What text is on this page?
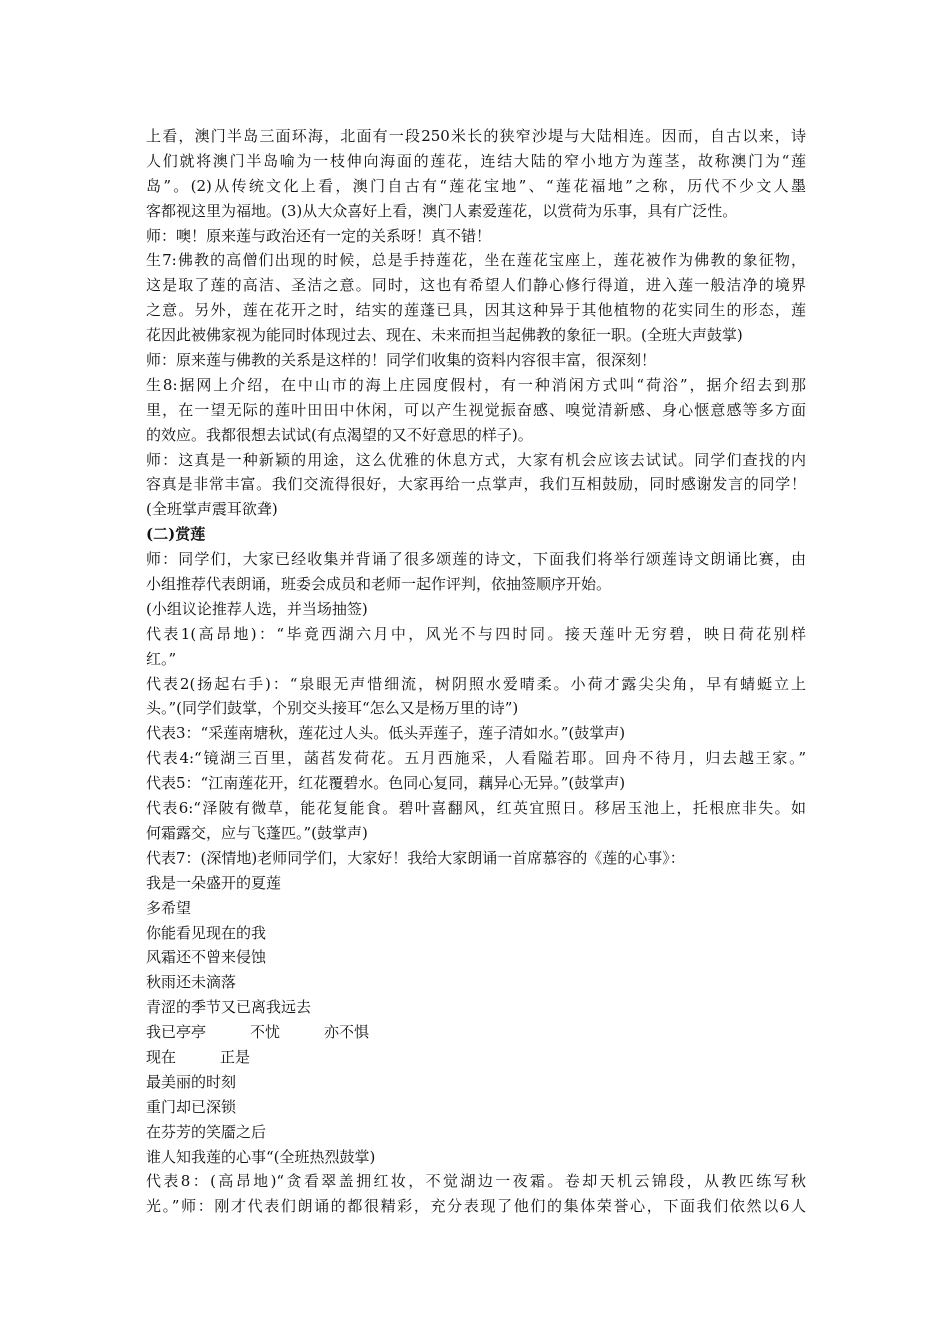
上看，澳门半岛三面环海，北面有一段250米长的狭窄沙堤与大陆相连。因而，自古以来，诗
人们就将澳门半岛喻为一枝伸向海面的莲花，连结大陆的窄小地方为莲茎，故称澳门为“莲
岛”。(2)从传统文化上看，澳门自古有“莲花宝地”、“莲花福地”之称，历代不少文人墨
客都视这里为福地。(3)从大众喜好上看，澳门人素爱莲花，以赏荷为乐事，具有广泛性。
师：噢！原来莲与政治还有一定的关系呀！真不错！
生7:佛教的高僧们出现的时候，总是手持莲花，坐在莲花宝座上，莲花被作为佛教的象征物，
这是取了莲的高洁、圣洁之意。同时，这也有希望人们静心修行得道，进入莲一般洁净的境界
之意。另外，莲在花开之时，结实的莲蓬已具，因其这种异于其他植物的花实同生的形态，莲
花因此被佛家视为能同时体现过去、现在、未来而担当起佛教的象征一职。(全班大声鼓掌)
师：原来莲与佛教的关系是这样的！同学们收集的资料内容很丰富，很深刻！
生8:据网上介绍，在中山市的海上庄园度假村，有一种消闲方式叫“荷浴”，据介绍去到那
里，在一望无际的莲叶田田中休闲，可以产生视觉振奋感、嗅觉清新感、身心惬意感等多方面
的效应。我都很想去试试(有点渴望的又不好意思的样子)。
师：这真是一种新颖的用途，这么优雅的休息方式，大家有机会应该去试试。同学们查找的内
容真是非常丰富。我们交流得很好，大家再给一点掌声，我们互相鼓励，同时感谢发言的同学！
(全班掌声震耳欲聋)
(二)赏莲
师：同学们，大家已经收集并背诵了很多颂莲的诗文，下面我们将举行颂莲诗文朗诵比赛，由
小组推荐代表朗诵，班委会成员和老师一起作评判，依抽签顺序开始。
(小组议论推荐人选，并当场抽签)
代表1(高昂地)：“毕竟西湖六月中，风光不与四时同。接天莲叶无穷碧，映日荷花别样
红。”
代表2(扬起右手)：“泉眼无声惜细流，树阴照水爱晴柔。小荷才露尖尖角，早有蜻蜓立上
头。”(同学们鼓掌，个别交头接耳“怎么又是杨万里的诗”)
代表3：“采莲南塘秋，莲花过人头。低头弄莲子，莲子清如水。”(鼓掌声)
代表4:“镜湖三百里，菡萏发荷花。五月西施采，人看隘若耶。回舟不待月，归去越王家。”
代表5：“江南莲花开，红花覆碧水。色同心复同，藕异心无异。”(鼓掌声)
代表6:“泽陂有微草，能花复能食。碧叶喜翻风，红英宜照日。移居玉池上，托根庶非失。如
何霜露交，应与飞蓬匹。”(鼓掌声)
代表7：(深情地)老师同学们，大家好！我给大家朗诵一首席慕容的《莲的心事》：
我是一朵盛开的夏莲
多希望
你能看见现在的我
风霜还不曾来侵蚀
秋雨还未滴落
青涩的季节又已离我远去
我已亭亭	不忧	亦不惧
现在	正是
最美丽的时刻
重门却已深锁
在芬芳的笑靥之后
谁人知我莲的心事“(全班热烈鼓掌)
代表8：(高昂地)“贪看翠盖拥红妆，不觉湖边一夜霜。卷却天机云锦段，从教匹练写秋
光。”师：刚才代表们朗诵的都很精彩，充分表现了他们的集体荣誉心，下面我们依然以6人
